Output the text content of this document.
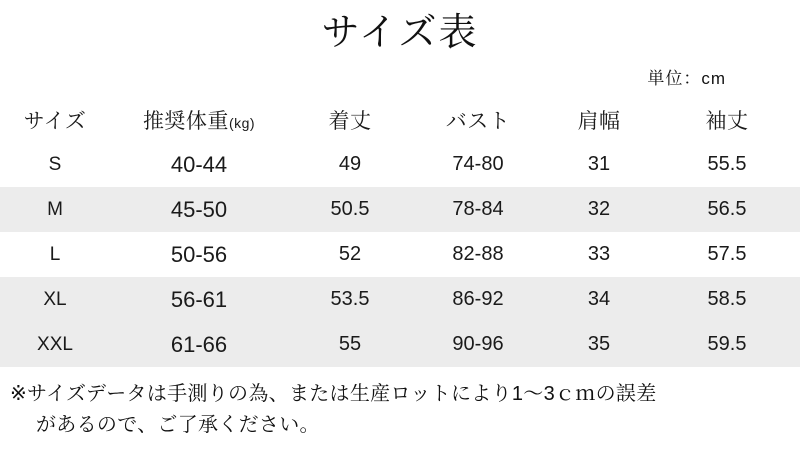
サイズ表
単位：cm
サイズ	推奨体重(kg)	着丈	バスト	肩幅	袖丈
S	40-44	49	74-80	31	55.5
M	45-50	50.5	78-84	32	56.5
L	50-56	52	82-88	33	57.5
XL	56-61	53.5	86-92	34	58.5
XXL	61-66	55	90-96	35	59.5
※サイズデータは手測りの為、または生産ロットにより1〜3ｃｍの誤差
があるので、ご了承ください。
